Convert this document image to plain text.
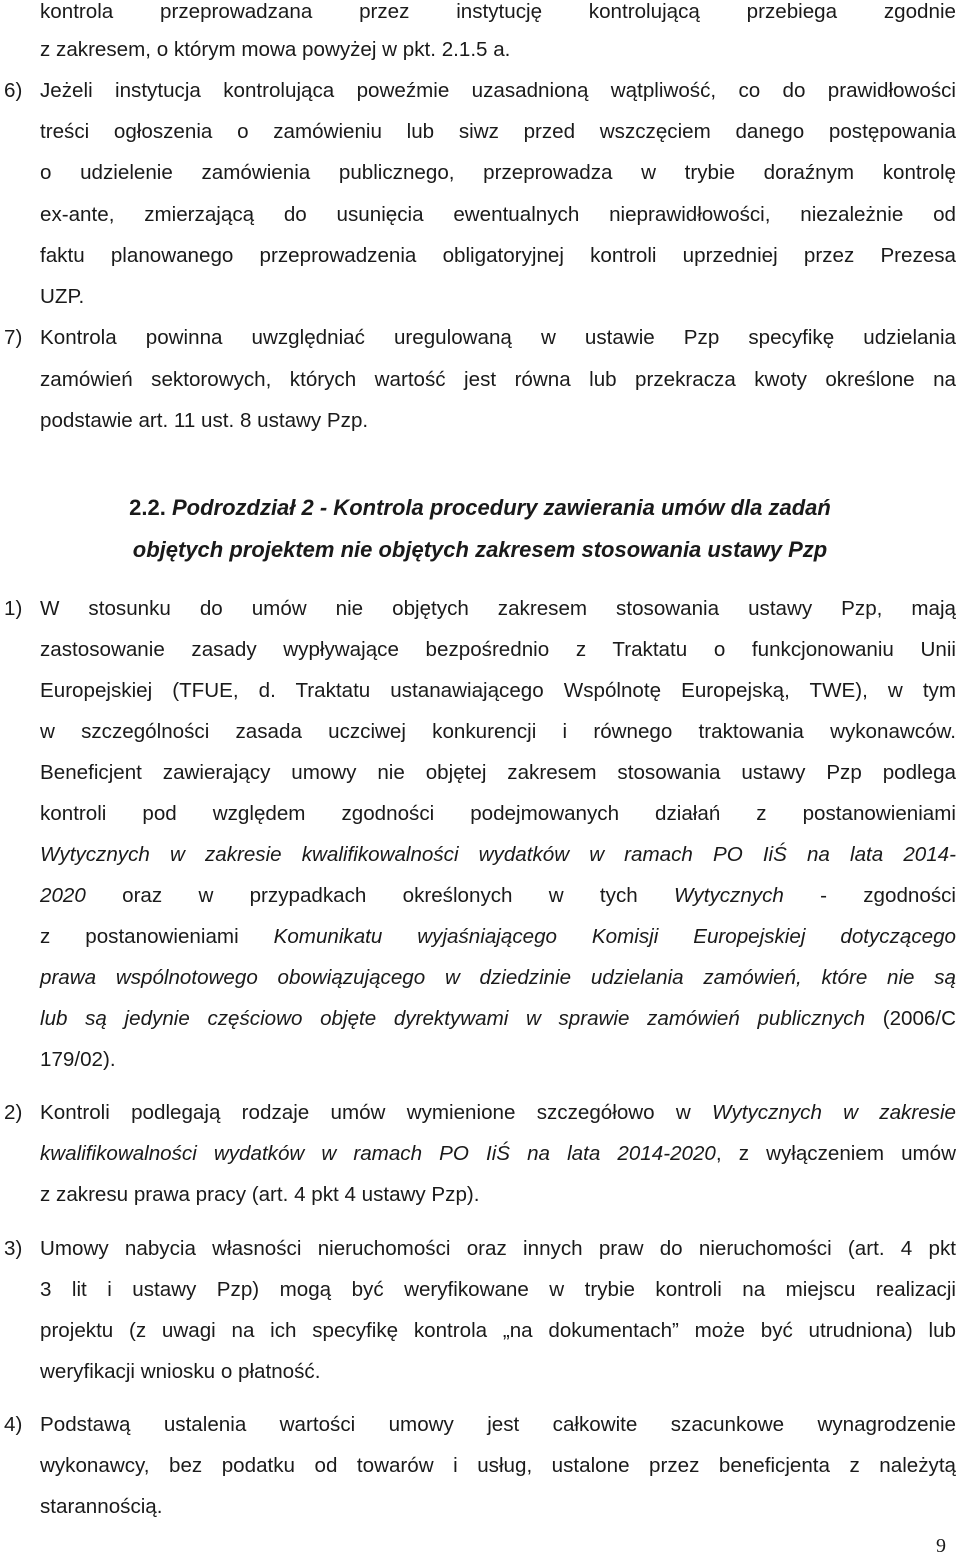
kontrola przeprowadzana przez instytucję kontrolującą przebiega zgodnie
z zakresem, o którym mowa powyżej w pkt. 2.1.5 a.
6) Jeżeli instytucja kontrolująca poweźmie uzasadnioną wątpliwość, co do prawidłowości
treści ogłoszenia o zamówieniu lub siwz przed wszczęciem danego postępowania
o udzielenie zamówienia publicznego, przeprowadza w trybie doraźnym kontrolę
ex-ante, zmierzającą do usunięcia ewentualnych nieprawidłowości, niezależnie od
faktu planowanego przeprowadzenia obligatoryjnej kontroli uprzedniej przez Prezesa
UZP.
7) Kontrola powinna uwzględniać uregulowaną w ustawie Pzp specyfikę udzielania
zamówień sektorowych, których wartość jest równa lub przekracza kwoty określone na
podstawie art. 11 ust. 8 ustawy Pzp.
2.2. Podrozdział 2 - Kontrola procedury zawierania umów dla zadań
objętych projektem nie objętych zakresem stosowania ustawy Pzp
1) W stosunku do umów nie objętych zakresem stosowania ustawy Pzp, mają
zastosowanie zasady wypływające bezpośrednio z Traktatu o funkcjonowaniu Unii
Europejskiej (TFUE, d. Traktatu ustanawiającego Wspólnotę Europejską, TWE), w tym
w szczególności zasada uczciwej konkurencji i równego traktowania wykonawców.
Beneficjent zawierający umowy nie objętej zakresem stosowania ustawy Pzp podlega
kontroli pod względem zgodności podejmowanych działań z postanowieniami
Wytycznych w zakresie kwalifikowalności wydatków w ramach PO IiŚ na lata 2014-
2020 oraz w przypadkach określonych w tych Wytycznych - zgodności
z postanowieniami Komunikatu wyjaśniającego Komisji Europejskiej dotyczącego
prawa wspólnotowego obowiązującego w dziedzinie udzielania zamówień, które nie są
lub są jedynie częściowo objęte dyrektywami w sprawie zamówień publicznych (2006/C
179/02).
2) Kontroli podlegają rodzaje umów wymienione szczegółowo w Wytycznych w zakresie
kwalifikowalności wydatków w ramach PO IiŚ na lata 2014-2020, z wyłączeniem umów
z zakresu prawa pracy (art. 4 pkt 4 ustawy Pzp).
3) Umowy nabycia własności nieruchomości oraz innych praw do nieruchomości (art. 4 pkt
3 lit i ustawy Pzp) mogą być weryfikowane w trybie kontroli na miejscu realizacji
projektu (z uwagi na ich specyfikę kontrola „na dokumentach” może być utrudniona) lub
weryfikacji wniosku o płatność.
4) Podstawą ustalenia wartości umowy jest całkowite szacunkowe wynagrodzenie
wykonawcy, bez podatku od towarów i usług, ustalone przez beneficjenta z należytą
starannością.
9
